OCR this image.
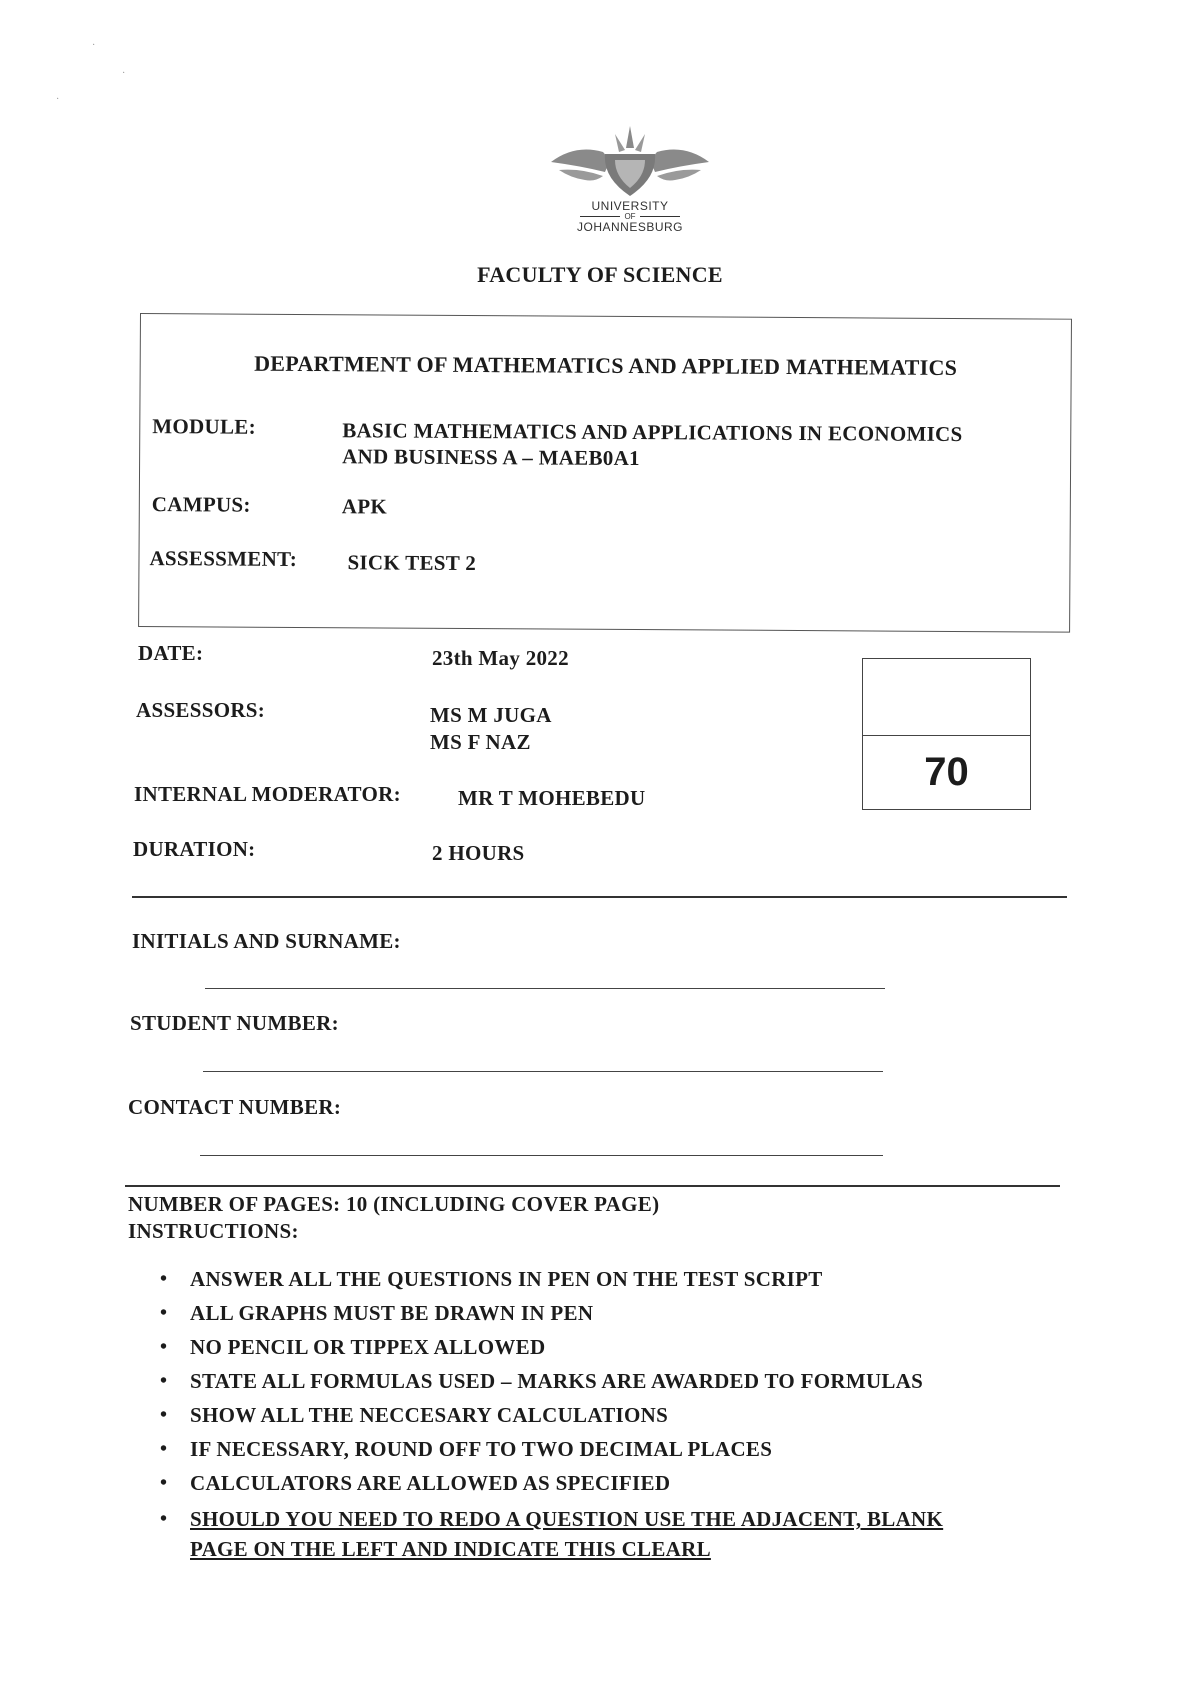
UNIVERSITY
OF
JOHANNESBURG
FACULTY OF SCIENCE
DEPARTMENT OF MATHEMATICS AND APPLIED MATHEMATICS
MODULE:	BASIC MATHEMATICS AND APPLICATIONS IN ECONOMICS
AND BUSINESS A – MAEB0A1
CAMPUS:	APK
ASSESSMENT: SICK TEST 2
DATE:	23th May 2022
ASSESSORS:	MS M JUGA
MS F NAZ
INTERNAL MODERATOR:	MR T MOHEBEDU
DURATION:	2 HOURS
70
INITIALS AND SURNAME:
STUDENT NUMBER:
CONTACT NUMBER:
NUMBER OF PAGES: 10 (INCLUDING COVER PAGE)
INSTRUCTIONS:
• ANSWER ALL THE QUESTIONS IN PEN ON THE TEST SCRIPT
• ALL GRAPHS MUST BE DRAWN IN PEN
• NO PENCIL OR TIPPEX ALLOWED
• STATE ALL FORMULAS USED – MARKS ARE AWARDED TO FORMULAS
• SHOW ALL THE NECCESARY CALCULATIONS
• IF NECESSARY, ROUND OFF TO TWO DECIMAL PLACES
• CALCULATORS ARE ALLOWED AS SPECIFIED
• SHOULD YOU NEED TO REDO A QUESTION USE THE ADJACENT, BLANK
PAGE ON THE LEFT AND INDICATE THIS CLEARL
·
·
·
